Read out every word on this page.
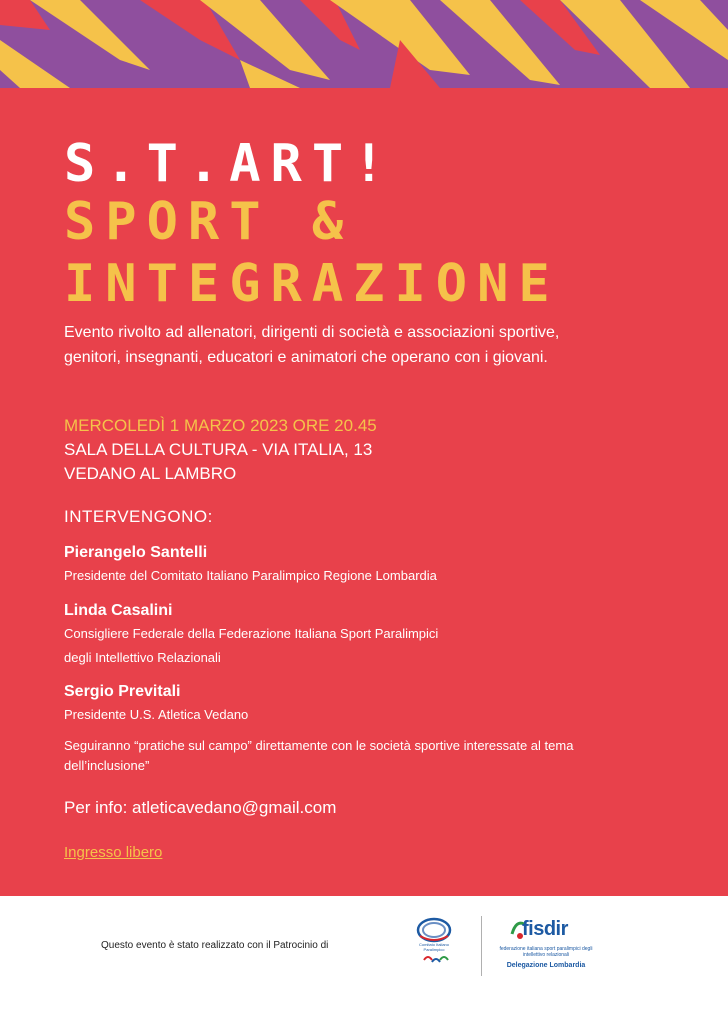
S.T.ART!
SPORT &
INTEGRAZIONE
Evento rivolto ad allenatori, dirigenti di società e associazioni sportive, genitori, insegnanti, educatori e animatori che operano con i giovani.
MERCOLEDÌ 1 MARZO 2023 ORE 20.45
SALA DELLA CULTURA - VIA ITALIA, 13
VEDANO AL LAMBRO
INTERVENGONO:
Pierangelo Santelli
Presidente del Comitato Italiano Paralimpico Regione Lombardia
Linda Casalini
Consigliere Federale della Federazione Italiana Sport Paralimpici
degli Intellettivo Relazionali
Sergio Previtali
Presidente U.S. Atletica Vedano
Seguiranno “pratiche sul campo” direttamente con le società sportive interessate al tema dell’inclusione”
Per info: atleticavedano@gmail.com
Ingresso libero
Questo evento è stato realizzato con il Patrocinio di	Comitato Italiano Paralimpico
fisdir
federazione italiana sport paralimpici degli intellettivo relazionali
Delegazione Lombardia
